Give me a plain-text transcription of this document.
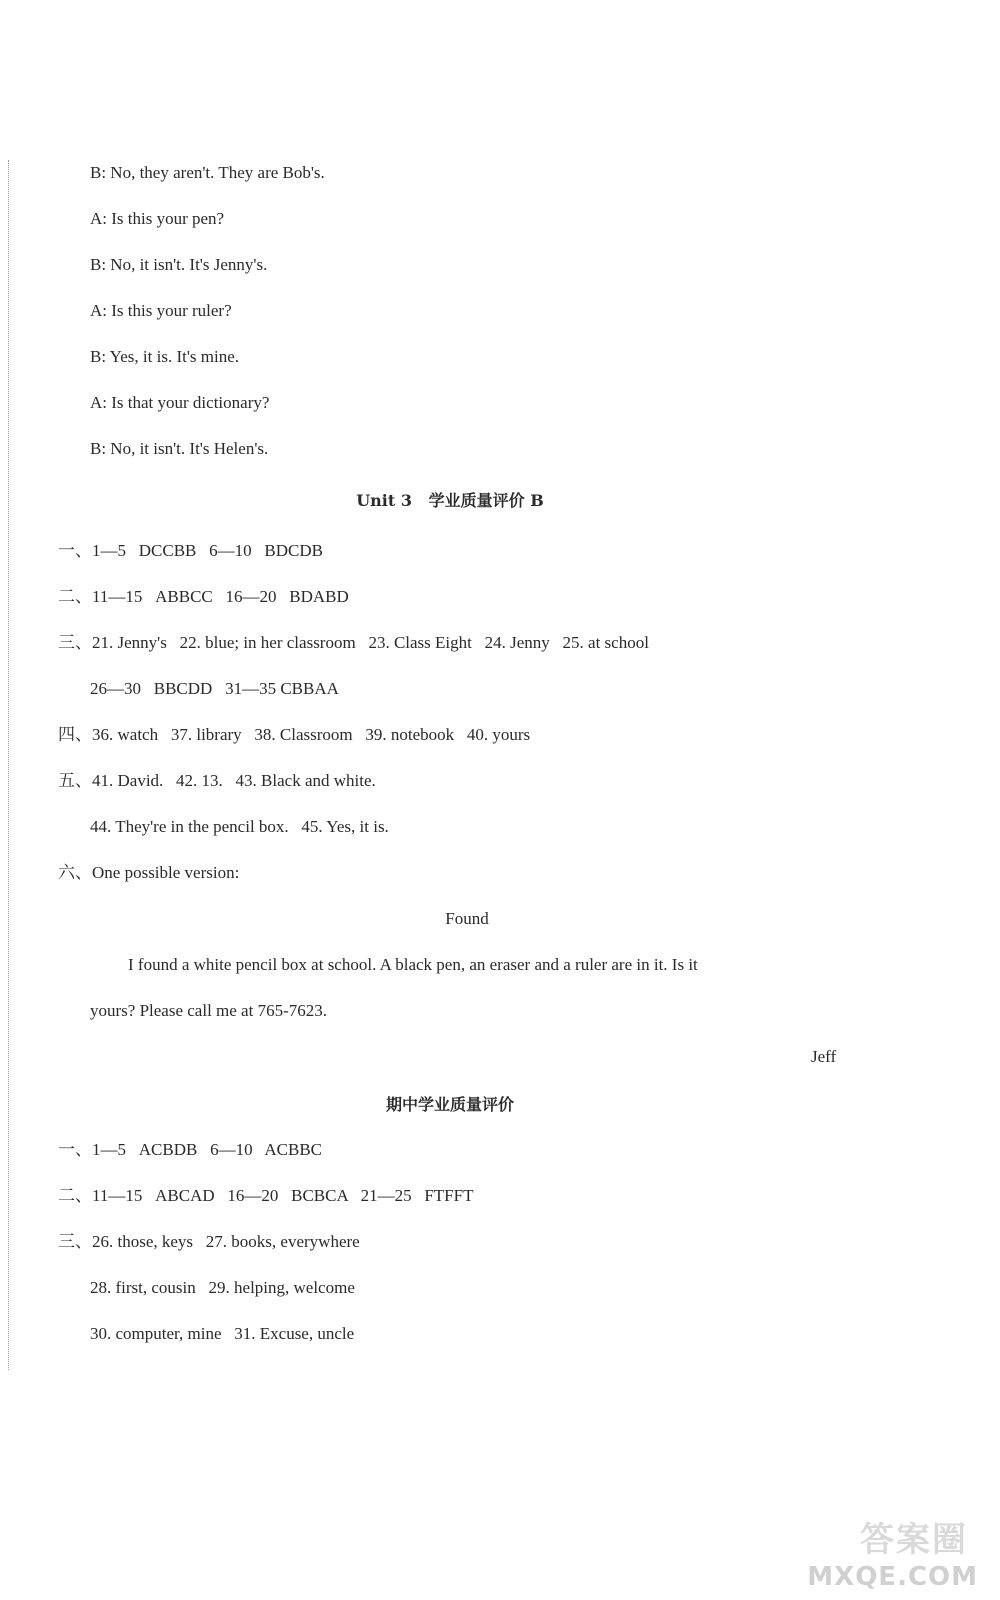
B: No, they aren't. They are Bob's.
A: Is this your pen?
B: No, it isn't. It's Jenny's.
A: Is this your ruler?
B: Yes, it is. It's mine.
A: Is that your dictionary?
B: No, it isn't. It's Helen's.
Unit 3   学业质量评价 B
一、1—5   DCCBB   6—10   BDCDB
二、11—15   ABBCC   16—20   BDABD
三、21. Jenny's   22. blue; in her classroom   23. Class Eight   24. Jenny   25. at school
26—30   BBCDD   31—35 CBBAA
四、36. watch   37. library   38. Classroom   39. notebook   40. yours
五、41. David.   42. 13.   43. Black and white.
44. They're in the pencil box.   45. Yes, it is.
六、One possible version:
Found
I found a white pencil box at school. A black pen, an eraser and a ruler are in it. Is it
yours? Please call me at 765-7623.
Jeff
期中学业质量评价
一、1—5   ACBDB   6—10   ACBBC
二、11—15   ABCAD   16—20   BCBCA   21—25   FTFFT
三、26. those, keys   27. books, everywhere
28. first, cousin   29. helping, welcome
30. computer, mine   31. Excuse, uncle
答案圈
MXQE.COM
